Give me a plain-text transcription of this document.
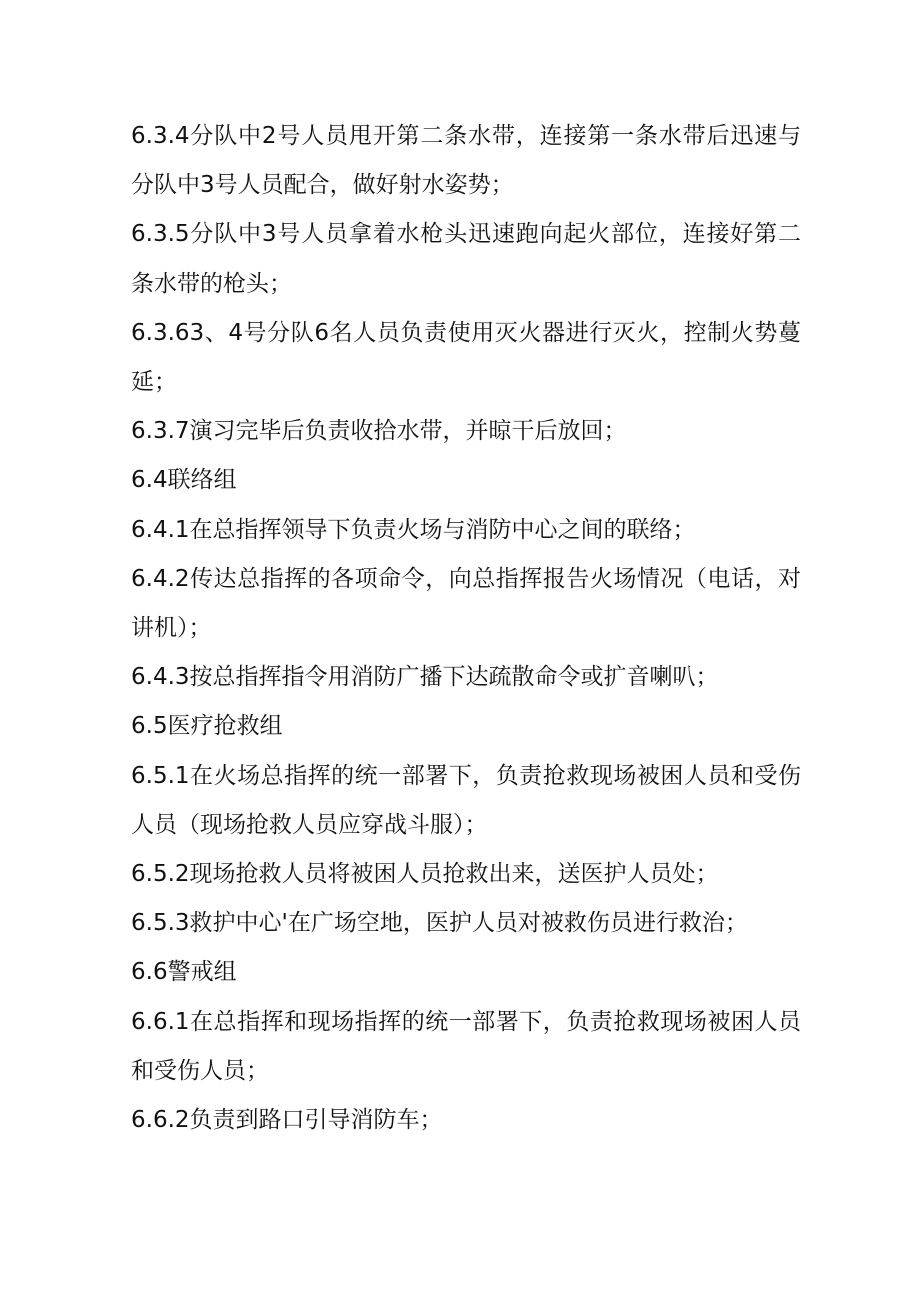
6.3.4分队中2号人员甩开第二条水带，连接第一条水带后迅速与分队中3号人员配合，做好射水姿势；

6.3.5分队中3号人员拿着水枪头迅速跑向起火部位，连接好第二条水带的枪头；

6.3.63、4号分队6名人员负责使用灭火器进行灭火，控制火势蔓延；

6.3.7演习完毕后负责收拾水带，并晾干后放回；

6.4联络组

6.4.1在总指挥领导下负责火场与消防中心之间的联络；

6.4.2传达总指挥的各项命令，向总指挥报告火场情况（电话，对讲机）；

6.4.3按总指挥指令用消防广播下达疏散命令或扩音喇叭；

6.5医疗抢救组

6.5.1在火场总指挥的统一部署下，负责抢救现场被困人员和受伤人员（现场抢救人员应穿战斗服）；

6.5.2现场抢救人员将被困人员抢救出来，送医护人员处；

6.5.3救护中心'在广场空地，医护人员对被救伤员进行救治；

6.6警戒组

6.6.1在总指挥和现场指挥的统一部署下，负责抢救现场被困人员和受伤人员；

6.6.2负责到路口引导消防车；
